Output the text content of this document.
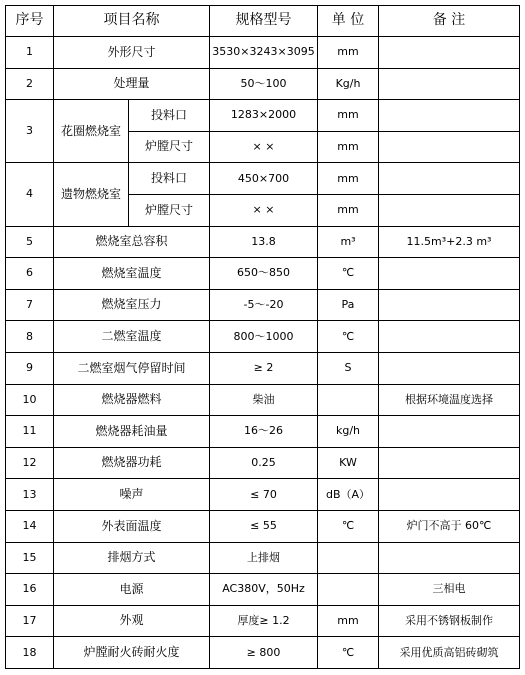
序号	项目名称		规格型号	单 位	备 注
1	外形尺寸		3530×3243×3095	mm	
2	处理量		50～100	Kg/h	
3	花圈燃烧室	投料口	1283×2000	mm	
		炉膛尺寸	× ×	mm	
4	遗物燃烧室	投料口	450×700	mm	
		炉膛尺寸	× ×	mm	
5	燃烧室总容积		13.8	m³	11.5m³+2.3 m³
6	燃烧室温度		650～850	℃	
7	燃烧室压力		-5～-20	Pa	
8	二燃室温度		800～1000	℃	
9	二燃室烟气停留时间		≥ 2	S	
10	燃烧器燃料		柴油		根据环境温度选择
11	燃烧器耗油量		16～26	kg/h	
12	燃烧器功耗		0.25	KW	
13	噪声		≤ 70	dB（A）	
14	外表面温度		≤ 55	℃	炉门不高于 60℃
15	排烟方式		上排烟		
16	电源		AC380V，50Hz		三相电
17	外观		厚度≥ 1.2	mm	采用不锈钢板制作
18	炉膛耐火砖耐火度		≥ 800	℃	采用优质高铝砖砌筑
